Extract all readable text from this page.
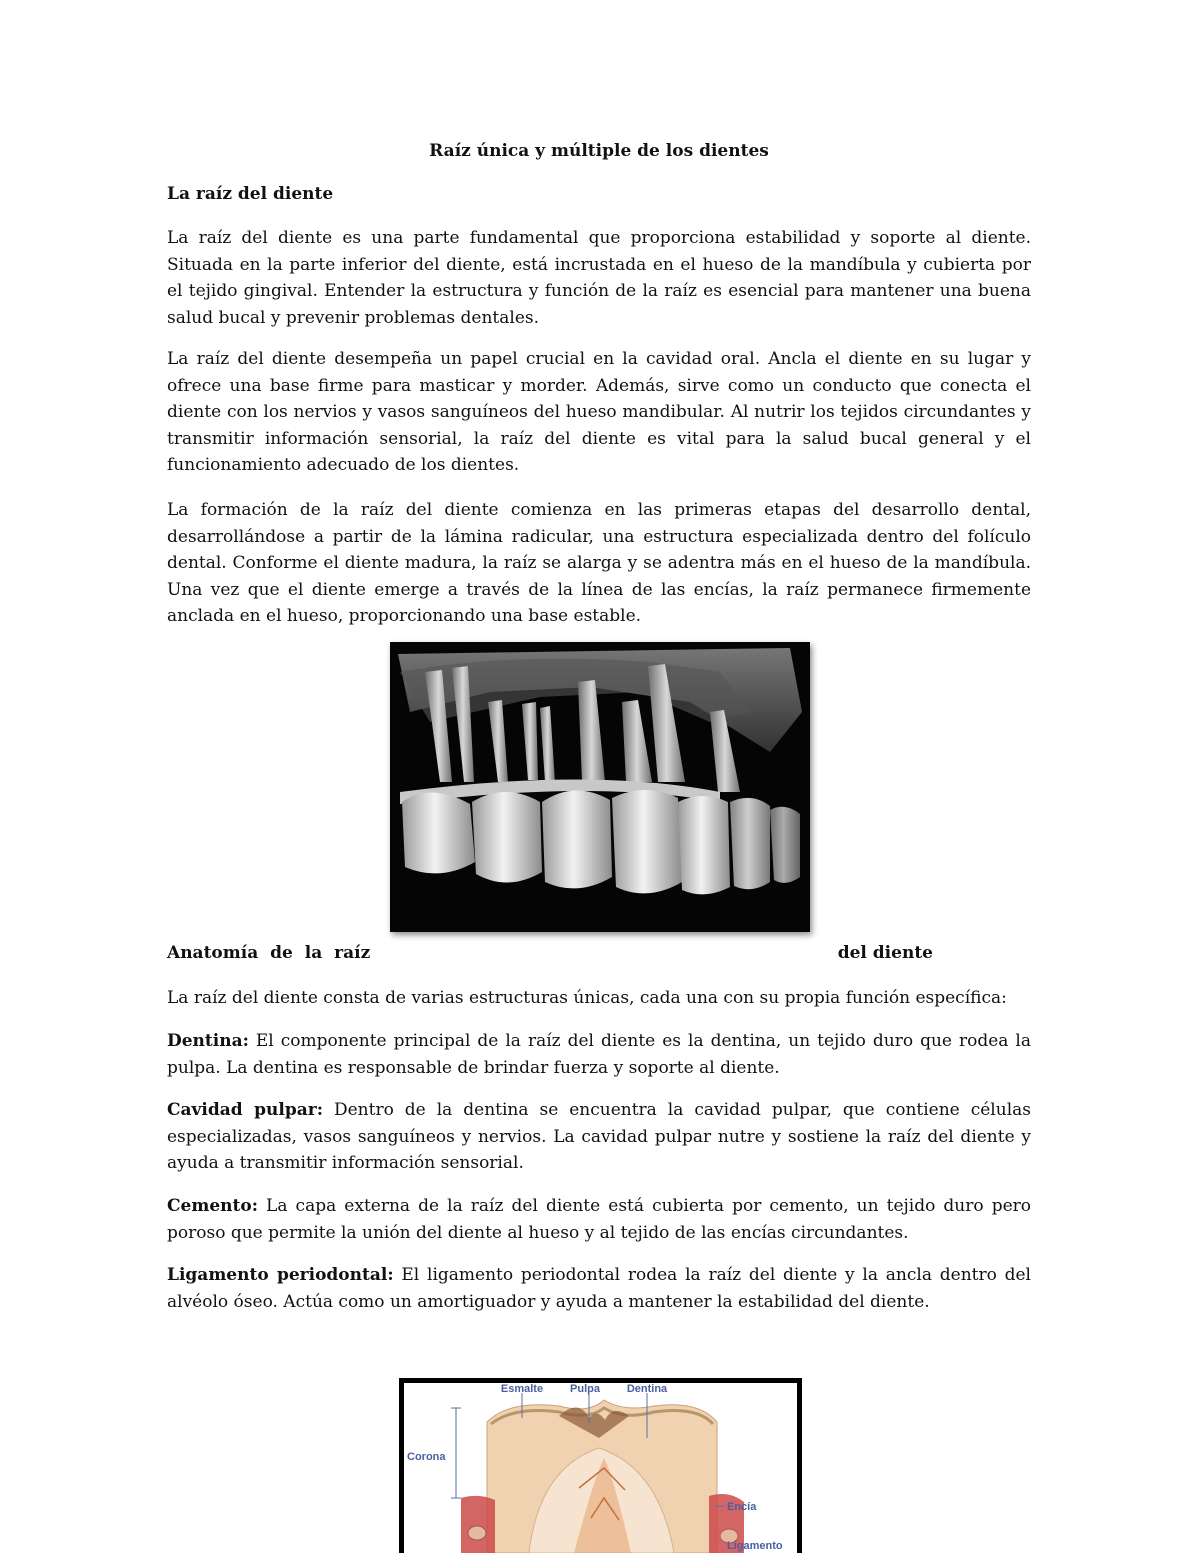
Raíz única y múltiple de los dientes
La raíz del diente

La raíz del diente es una parte fundamental que proporciona estabilidad y soporte al diente. Situada en la parte inferior del diente, está incrustada en el hueso de la mandíbula y cubierta por el tejido gingival. Entender la estructura y función de la raíz es esencial para mantener una buena salud bucal y prevenir problemas dentales.

La raíz del diente desempeña un papel crucial en la cavidad oral. Ancla el diente en su lugar y ofrece una base firme para masticar y morder. Además, sirve como un conducto que conecta el diente con los nervios y vasos sanguíneos del hueso mandibular. Al nutrir los tejidos circundantes y transmitir información sensorial, la raíz del diente es vital para la salud bucal general y el funcionamiento adecuado de los dientes.

La formación de la raíz del diente comienza en las primeras etapas del desarrollo dental, desarrollándose a partir de la lámina radicular, una estructura especializada dentro del folículo dental. Conforme el diente madura, la raíz se alarga y se adentra más en el hueso de la mandíbula. Una vez que el diente emerge a través de la línea de las encías, la raíz permanece firmemente anclada en el hueso, proporcionando una base estable.

Anatomía de la raíz	del diente

La raíz del diente consta de varias estructuras únicas, cada una con su propia función específica:

Dentina: El componente principal de la raíz del diente es la dentina, un tejido duro que rodea la pulpa. La dentina es responsable de brindar fuerza y soporte al diente.

Cavidad pulpar: Dentro de la dentina se encuentra la cavidad pulpar, que contiene células especializadas, vasos sanguíneos y nervios. La cavidad pulpar nutre y sostiene la raíz del diente y ayuda a transmitir información sensorial.

Cemento: La capa externa de la raíz del diente está cubierta por cemento, un tejido duro pero poroso que permite la unión del diente al hueso y al tejido de las encías circundantes.

Ligamento periodontal: El ligamento periodontal rodea la raíz del diente y la ancla dentro del alvéolo óseo. Actúa como un amortiguador y ayuda a mantener la estabilidad del diente.

Esmalte Pulpa Dentina
Corona
Encía
Ligamento
